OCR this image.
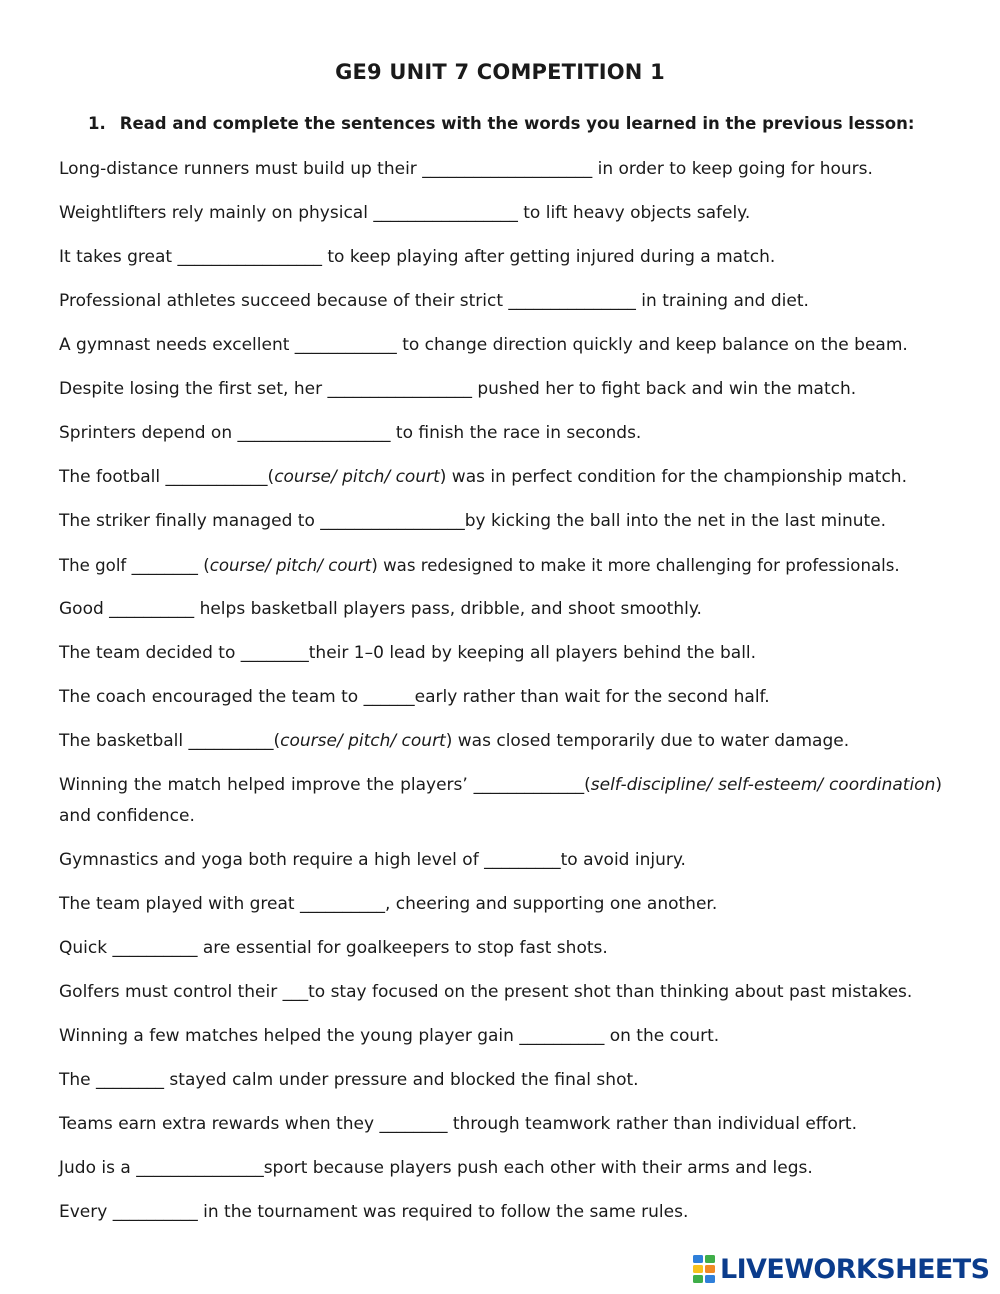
GE9 UNIT 7 COMPETITION 1
1. Read and complete the sentences with the words you learned in the previous lesson:
Long-distance runners must build up their ____________________ in order to keep going for hours.
Weightlifters rely mainly on physical _________________ to lift heavy objects safely.
It takes great _________________ to keep playing after getting injured during a match.
Professional athletes succeed because of their strict _______________ in training and diet.
A gymnast needs excellent ____________ to change direction quickly and keep balance on the beam.
Despite losing the first set, her _________________ pushed her to fight back and win the match.
Sprinters depend on __________________ to finish the race in seconds.
The football ____________(course/ pitch/ court) was in perfect condition for the championship match.
The striker finally managed to _________________by kicking the ball into the net in the last minute.
The golf ________ (course/ pitch/ court) was redesigned to make it more challenging for professionals.
Good __________ helps basketball players pass, dribble, and shoot smoothly.
The team decided to ________their 1–0 lead by keeping all players behind the ball.
The coach encouraged the team to ______early rather than wait for the second half.
The basketball __________(course/ pitch/ court) was closed temporarily due to water damage.
Winning the match helped improve the players’ _____________(self-discipline/ self-esteem/ coordination) and confidence.
Gymnastics and yoga both require a high level of _________to avoid injury.
The team played with great __________, cheering and supporting one another.
Quick __________ are essential for goalkeepers to stop fast shots.
Golfers must control their ___to stay focused on the present shot than thinking about past mistakes.
Winning a few matches helped the young player gain __________ on the court.
The ________ stayed calm under pressure and blocked the final shot.
Teams earn extra rewards when they ________ through teamwork rather than individual effort.
Judo is a _______________sport because players push each other with their arms and legs.
Every __________ in the tournament was required to follow the same rules.
LIVEWORKSHEETS
